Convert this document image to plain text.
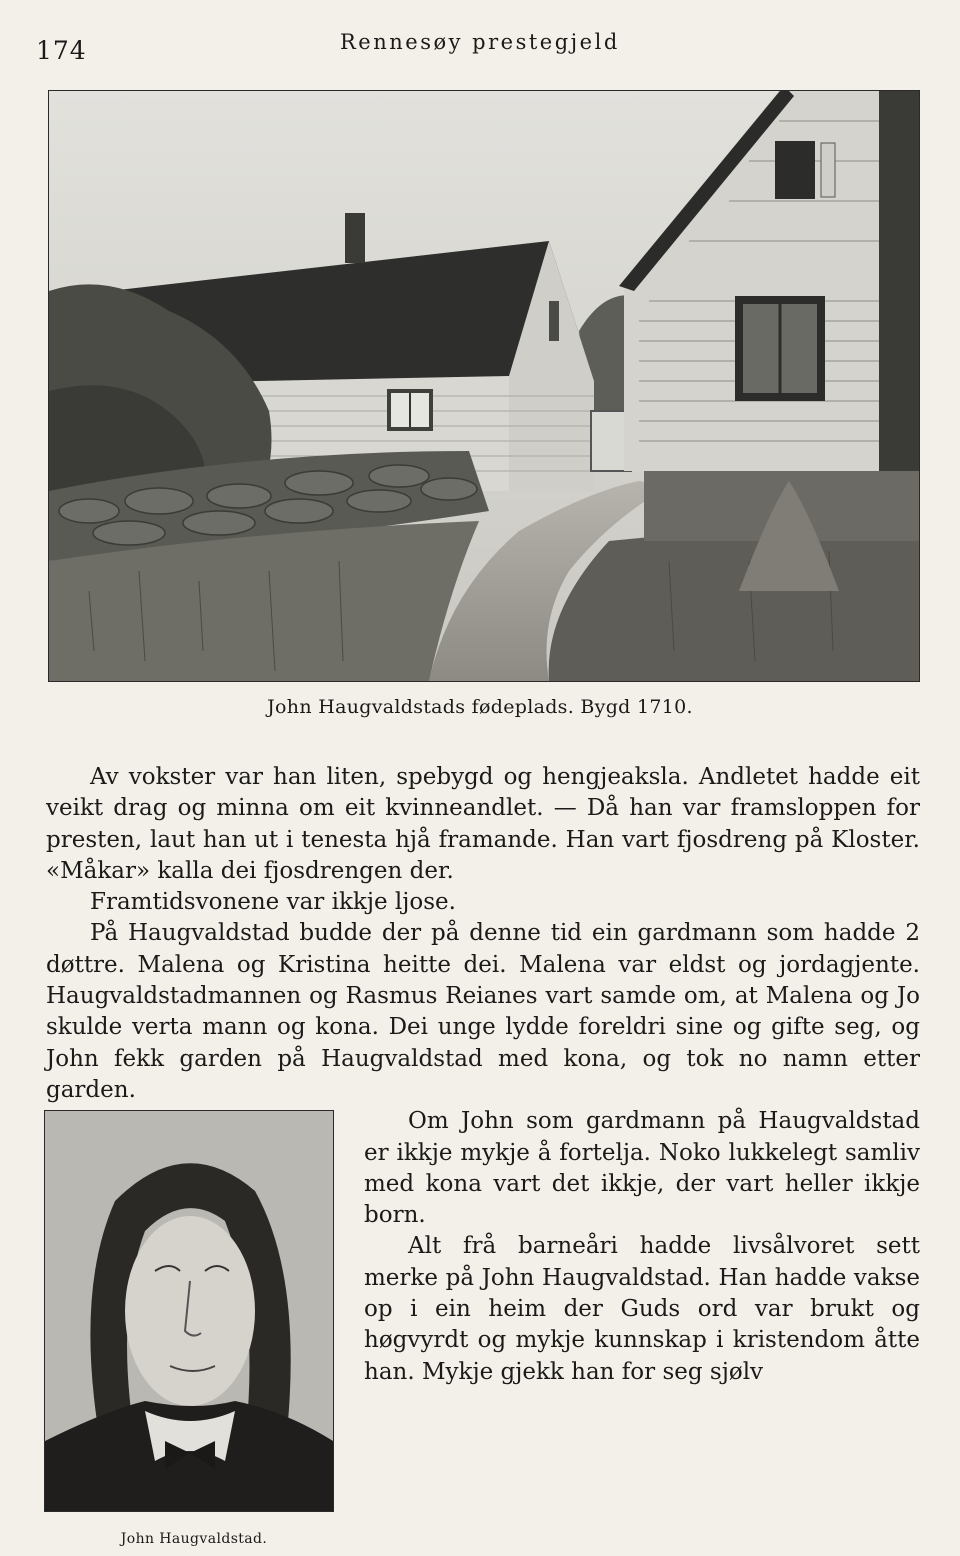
174	Rennesøy prestegjeld
John Haugvaldstads fødeplads. Bygd 1710.

Av vokster var han liten, spebygd og hengjeaksla. Andletet hadde eit veikt drag og minna om eit kvinneandlet. — Då han var framsloppen for presten, laut han ut i tenesta hjå framande. Han vart fjosdreng på Kloster. «Måkar» kalla dei fjosdrengen der.

Framtidsvonene var ikkje ljose.

På Haugvaldstad budde der på denne tid ein gardmann som hadde 2 døttre. Malena og Kristina heitte dei. Malena var eldst og jordagjente. Haugvaldstadmannen og Rasmus Reianes vart samde om, at Malena og Jo skulde verta mann og kona. Dei unge lydde foreldri sine og gifte seg, og John fekk garden på Haugvaldstad med kona, og tok no namn etter garden.

John Haugvaldstad.

Om John som gardmann på Haugvaldstad er ikkje mykje å fortelja. Noko lukkelegt samliv med kona vart det ikkje, der vart heller ikkje born.

Alt frå barneåri hadde livsålvoret sett merke på John Haugvaldstad. Han hadde vakse op i ein heim der Guds ord var brukt og høgvyrdt og mykje kunnskap i kristendom åtte han. Mykje gjekk han for seg sjølv
